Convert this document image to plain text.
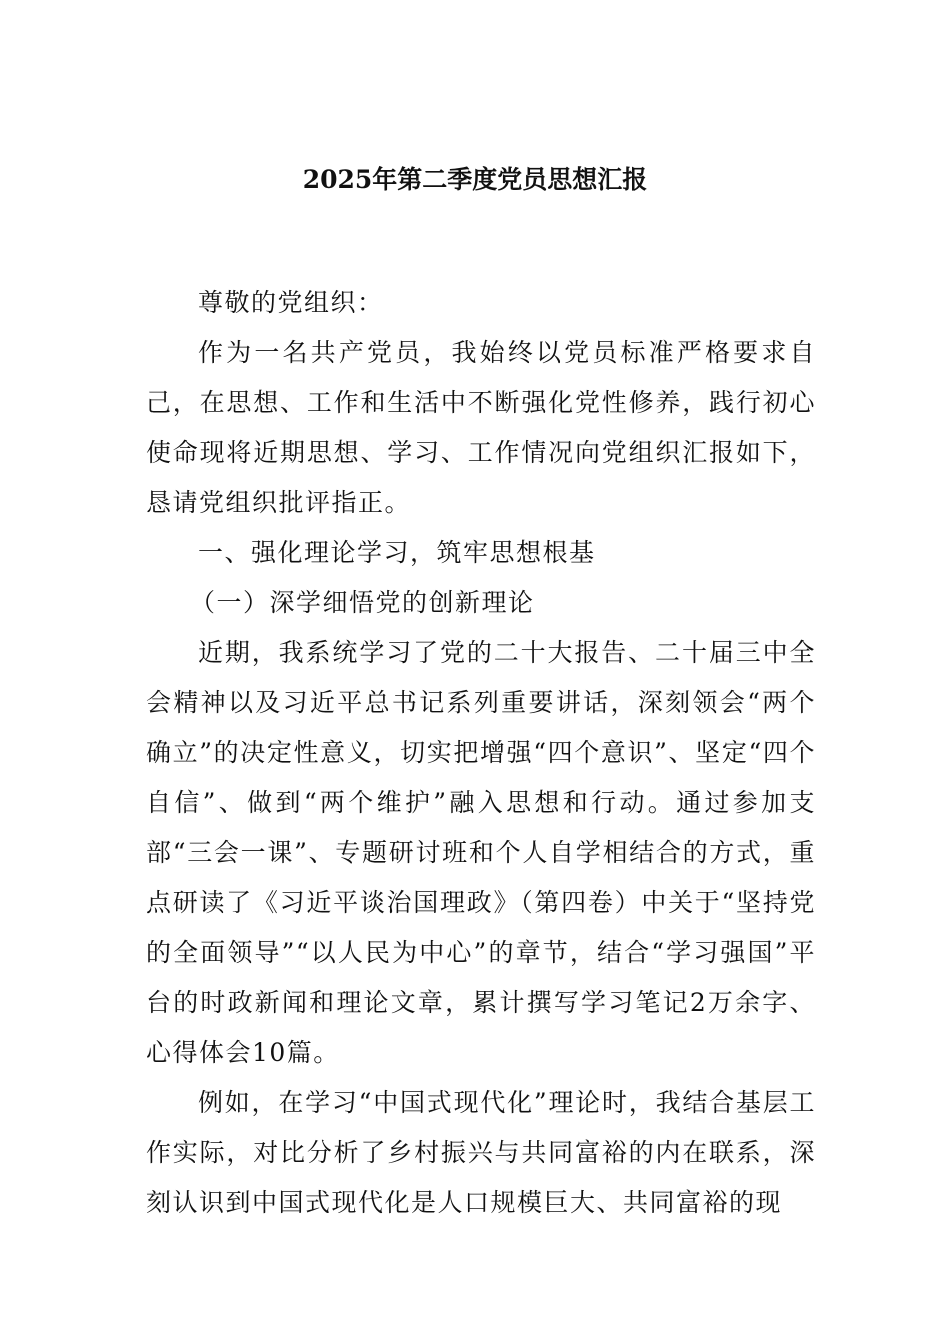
2025年第二季度党员思想汇报

尊敬的党组织：

作为一名共产党员，我始终以党员标准严格要求自己，在思想、工作和生活中不断强化党性修养，践行初心使命现将近期思想、学习、工作情况向党组织汇报如下，恳请党组织批评指正。

一、强化理论学习，筑牢思想根基

（一）深学细悟党的创新理论

近期，我系统学习了党的二十大报告、二十届三中全会精神以及习近平总书记系列重要讲话，深刻领会“两个确立”的决定性意义，切实把增强“四个意识”、坚定“四个自信”、做到“两个维护”融入思想和行动。通过参加支部“三会一课”、专题研讨班和个人自学相结合的方式，重点研读了《习近平谈治国理政》（第四卷）中关于“坚持党的全面领导”“以人民为中心”的章节，结合“学习强国”平台的时政新闻和理论文章，累计撰写学习笔记2万余字、心得体会10篇。

例如，在学习“中国式现代化”理论时，我结合基层工作实际，对比分析了乡村振兴与共同富裕的内在联系，深刻认识到中国式现代化是人口规模巨大、共同富裕的现
